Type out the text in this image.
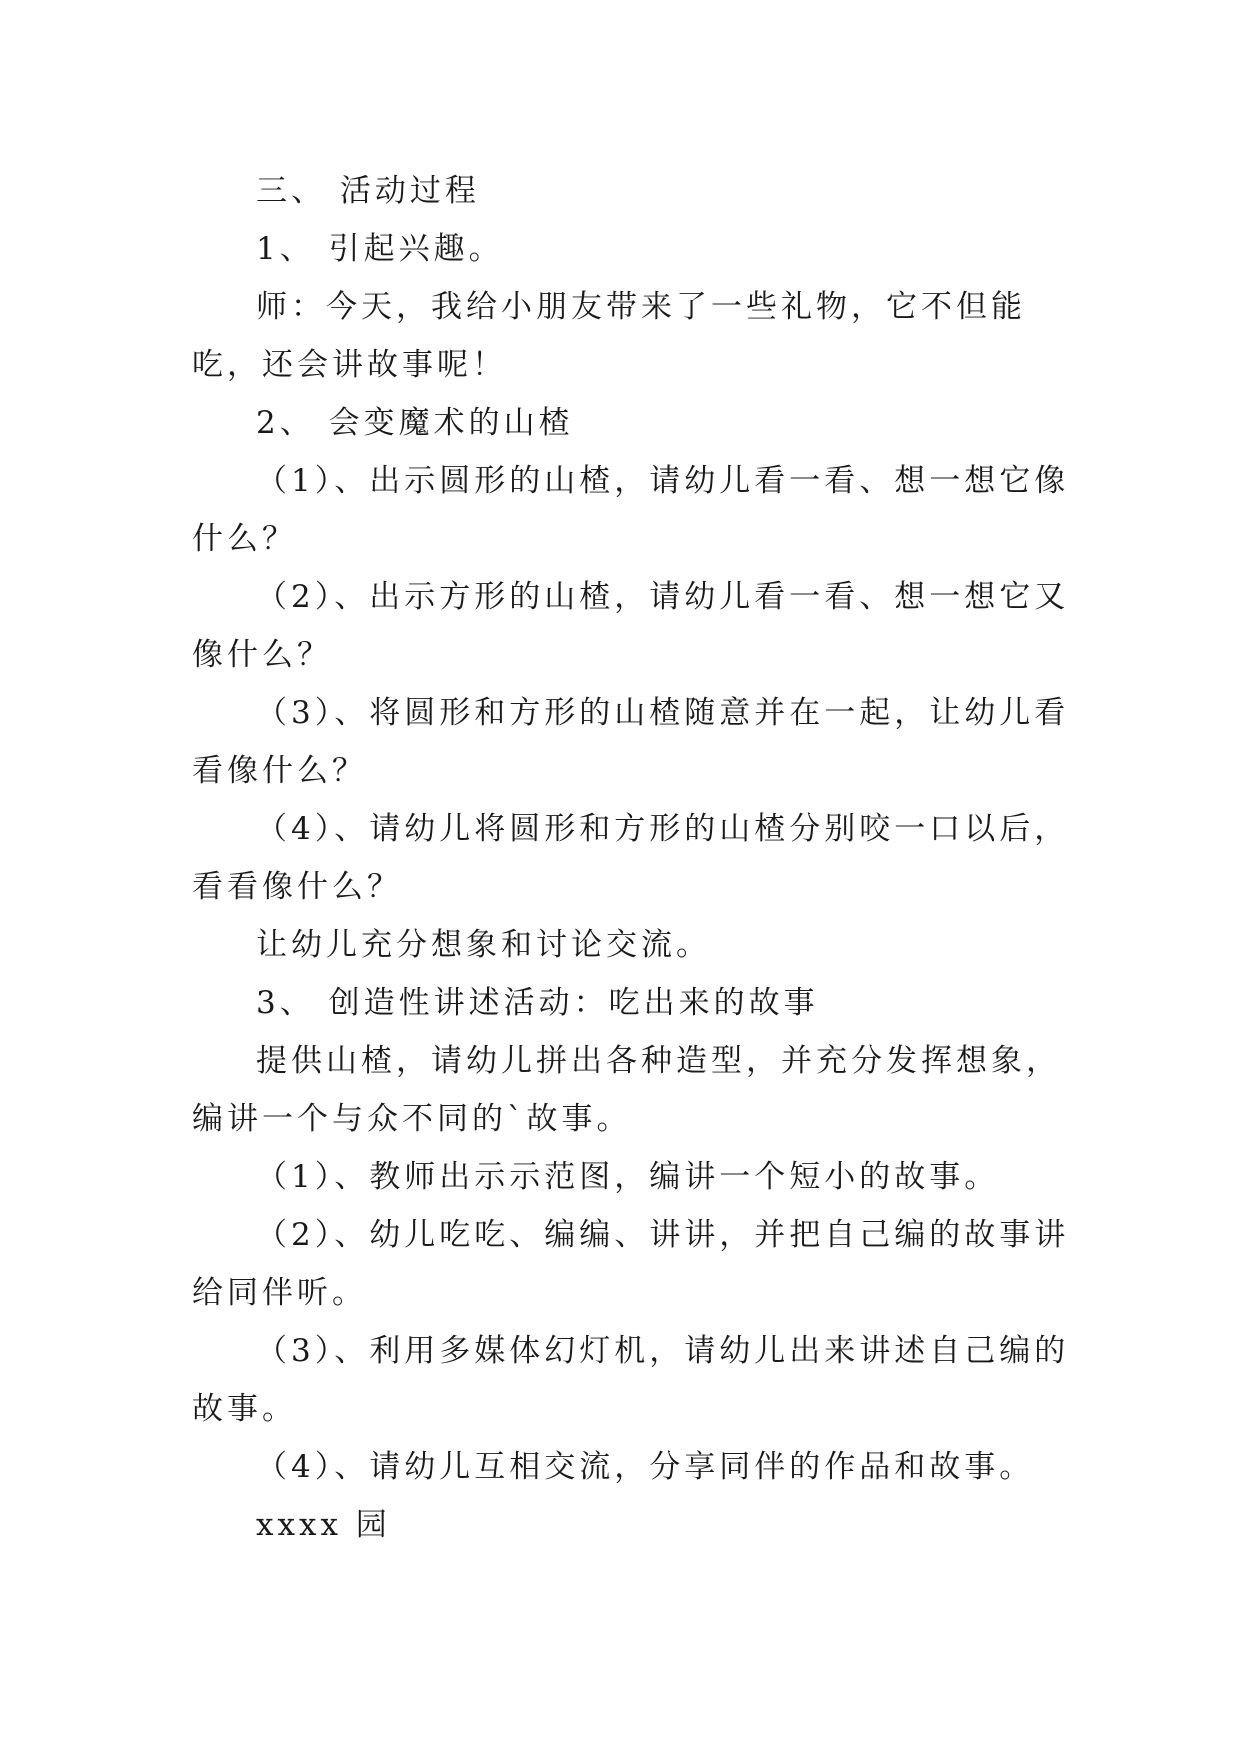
三、 活动过程

1、 引起兴趣。

师：今天，我给小朋友带来了一些礼物，它不但能吃，还会讲故事呢！

2、 会变魔术的山楂

（1）、出示圆形的山楂，请幼儿看一看、想一想它像什么？

（2）、出示方形的山楂，请幼儿看一看、想一想它又像什么？

（3）、将圆形和方形的山楂随意并在一起，让幼儿看看像什么？

（4）、请幼儿将圆形和方形的山楂分别咬一口以后，看看像什么？

让幼儿充分想象和讨论交流。

3、 创造性讲述活动：吃出来的故事

提供山楂，请幼儿拼出各种造型，并充分发挥想象，编讲一个与众不同的`故事。

（1）、教师出示示范图，编讲一个短小的故事。

（2）、幼儿吃吃、编编、讲讲，并把自己编的故事讲给同伴听。

（3）、利用多媒体幻灯机，请幼儿出来讲述自己编的故事。

（4）、请幼儿互相交流，分享同伴的作品和故事。

xxxx 园
